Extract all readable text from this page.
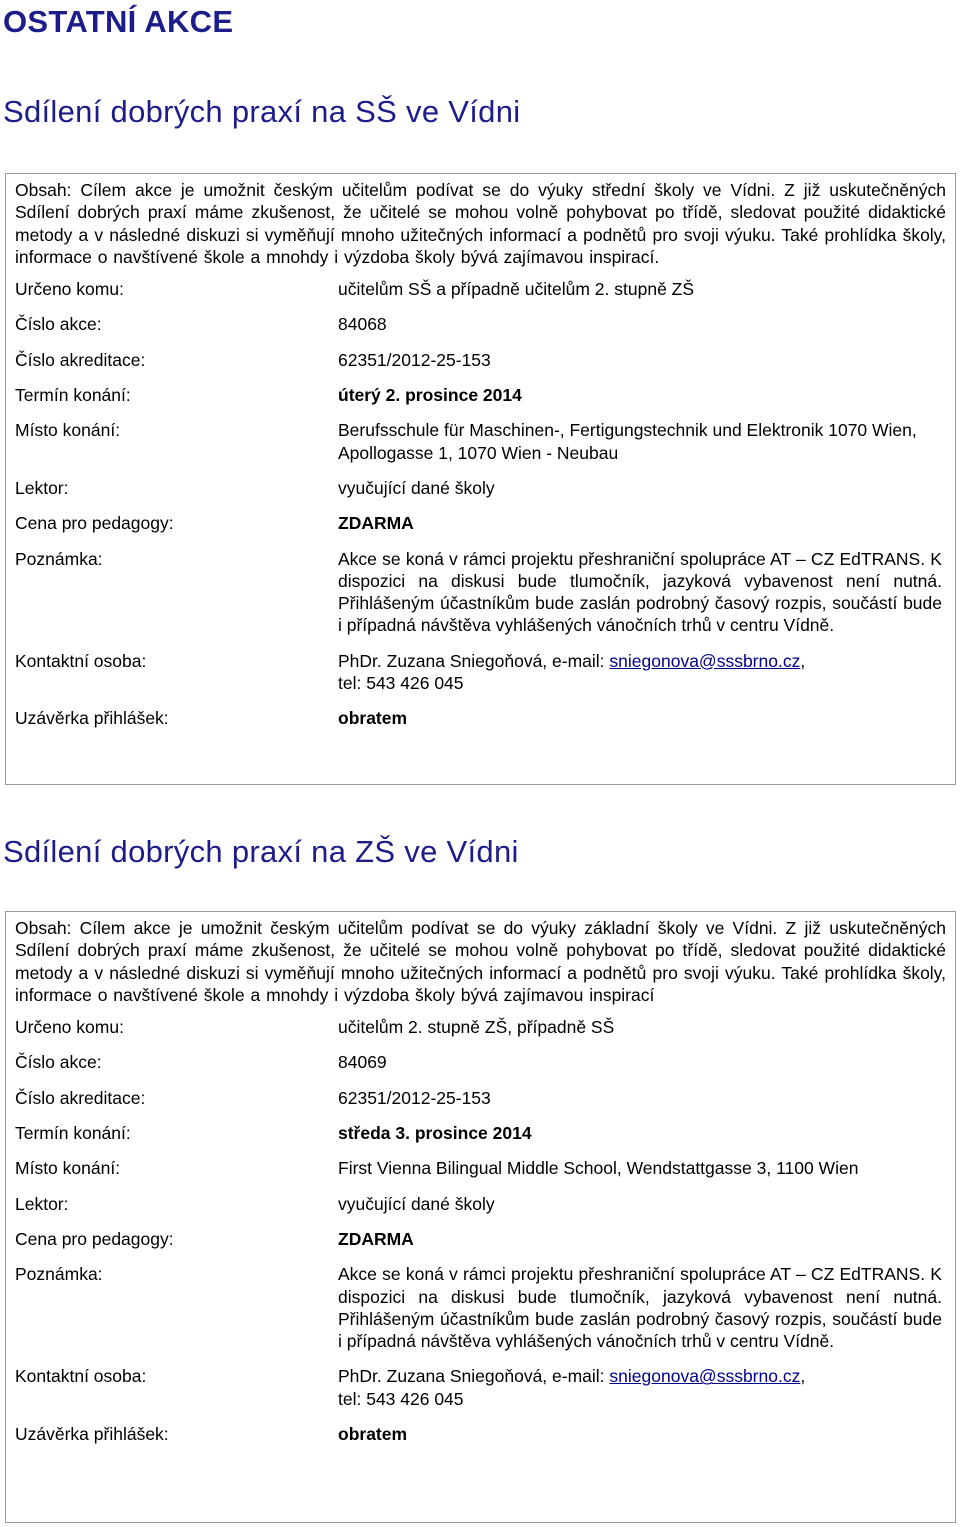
OSTATNÍ AKCE
Sdílení dobrých praxí na SŠ ve Vídni
Obsah: Cílem akce je umožnit českým učitelům podívat se do výuky střední školy ve Vídni. Z již uskutečněných Sdílení dobrých praxí máme zkušenost, že učitelé se mohou volně pohybovat po třídě, sledovat použité didaktické metody a v následné diskuzi si vyměňují mnoho užitečných informací a podnětů pro svoji výuku. Také prohlídka školy, informace o navštívené škole a mnohdy i výzdoba školy bývá zajímavou inspirací.
Určeno komu:	učitelům SŠ a případně učitelům 2. stupně ZŠ
Číslo akce:	84068
Číslo akreditace:	62351/2012-25-153
Termín konání:	úterý 2. prosince 2014
Místo konání:	Berufsschule für Maschinen-, Fertigungstechnik und Elektronik 1070 Wien, Apollogasse 1, 1070 Wien - Neubau
Lektor:	vyučující dané školy
Cena pro pedagogy:	ZDARMA
Poznámka:	Akce se koná v rámci projektu přeshraniční spolupráce AT – CZ EdTRANS. K dispozici na diskusi bude tlumočník, jazyková vybavenost není nutná. Přihlášeným účastníkům bude zaslán podrobný časový rozpis, součástí bude i případná návštěva vyhlášených vánočních trhů v centru Vídně.
Kontaktní osoba:	PhDr. Zuzana Sniegoňová, e-mail: sniegonova@sssbrno.cz,
tel: 543 426 045
Uzávěrka přihlášek:	obratem
Sdílení dobrých praxí na ZŠ ve Vídni
Obsah: Cílem akce je umožnit českým učitelům podívat se do výuky základní školy ve Vídni. Z již uskutečněných Sdílení dobrých praxí máme zkušenost, že učitelé se mohou volně pohybovat po třídě, sledovat použité didaktické metody a v následné diskuzi si vyměňují mnoho užitečných informací a podnětů pro svoji výuku. Také prohlídka školy, informace o navštívené škole a mnohdy i výzdoba školy bývá zajímavou inspirací
Určeno komu:	učitelům 2. stupně ZŠ, případně SŠ
Číslo akce:	84069
Číslo akreditace:	62351/2012-25-153
Termín konání:	středa 3. prosince 2014
Místo konání:	First Vienna Bilingual Middle School, Wendstattgasse 3, 1100 Wien
Lektor:	vyučující dané školy
Cena pro pedagogy:	ZDARMA
Poznámka:	Akce se koná v rámci projektu přeshraniční spolupráce AT – CZ EdTRANS. K dispozici na diskusi bude tlumočník, jazyková vybavenost není nutná. Přihlášeným účastníkům bude zaslán podrobný časový rozpis, součástí bude i případná návštěva vyhlášených vánočních trhů v centru Vídně.
Kontaktní osoba:	PhDr. Zuzana Sniegoňová, e-mail: sniegonova@sssbrno.cz,
tel: 543 426 045
Uzávěrka přihlášek:	obratem
